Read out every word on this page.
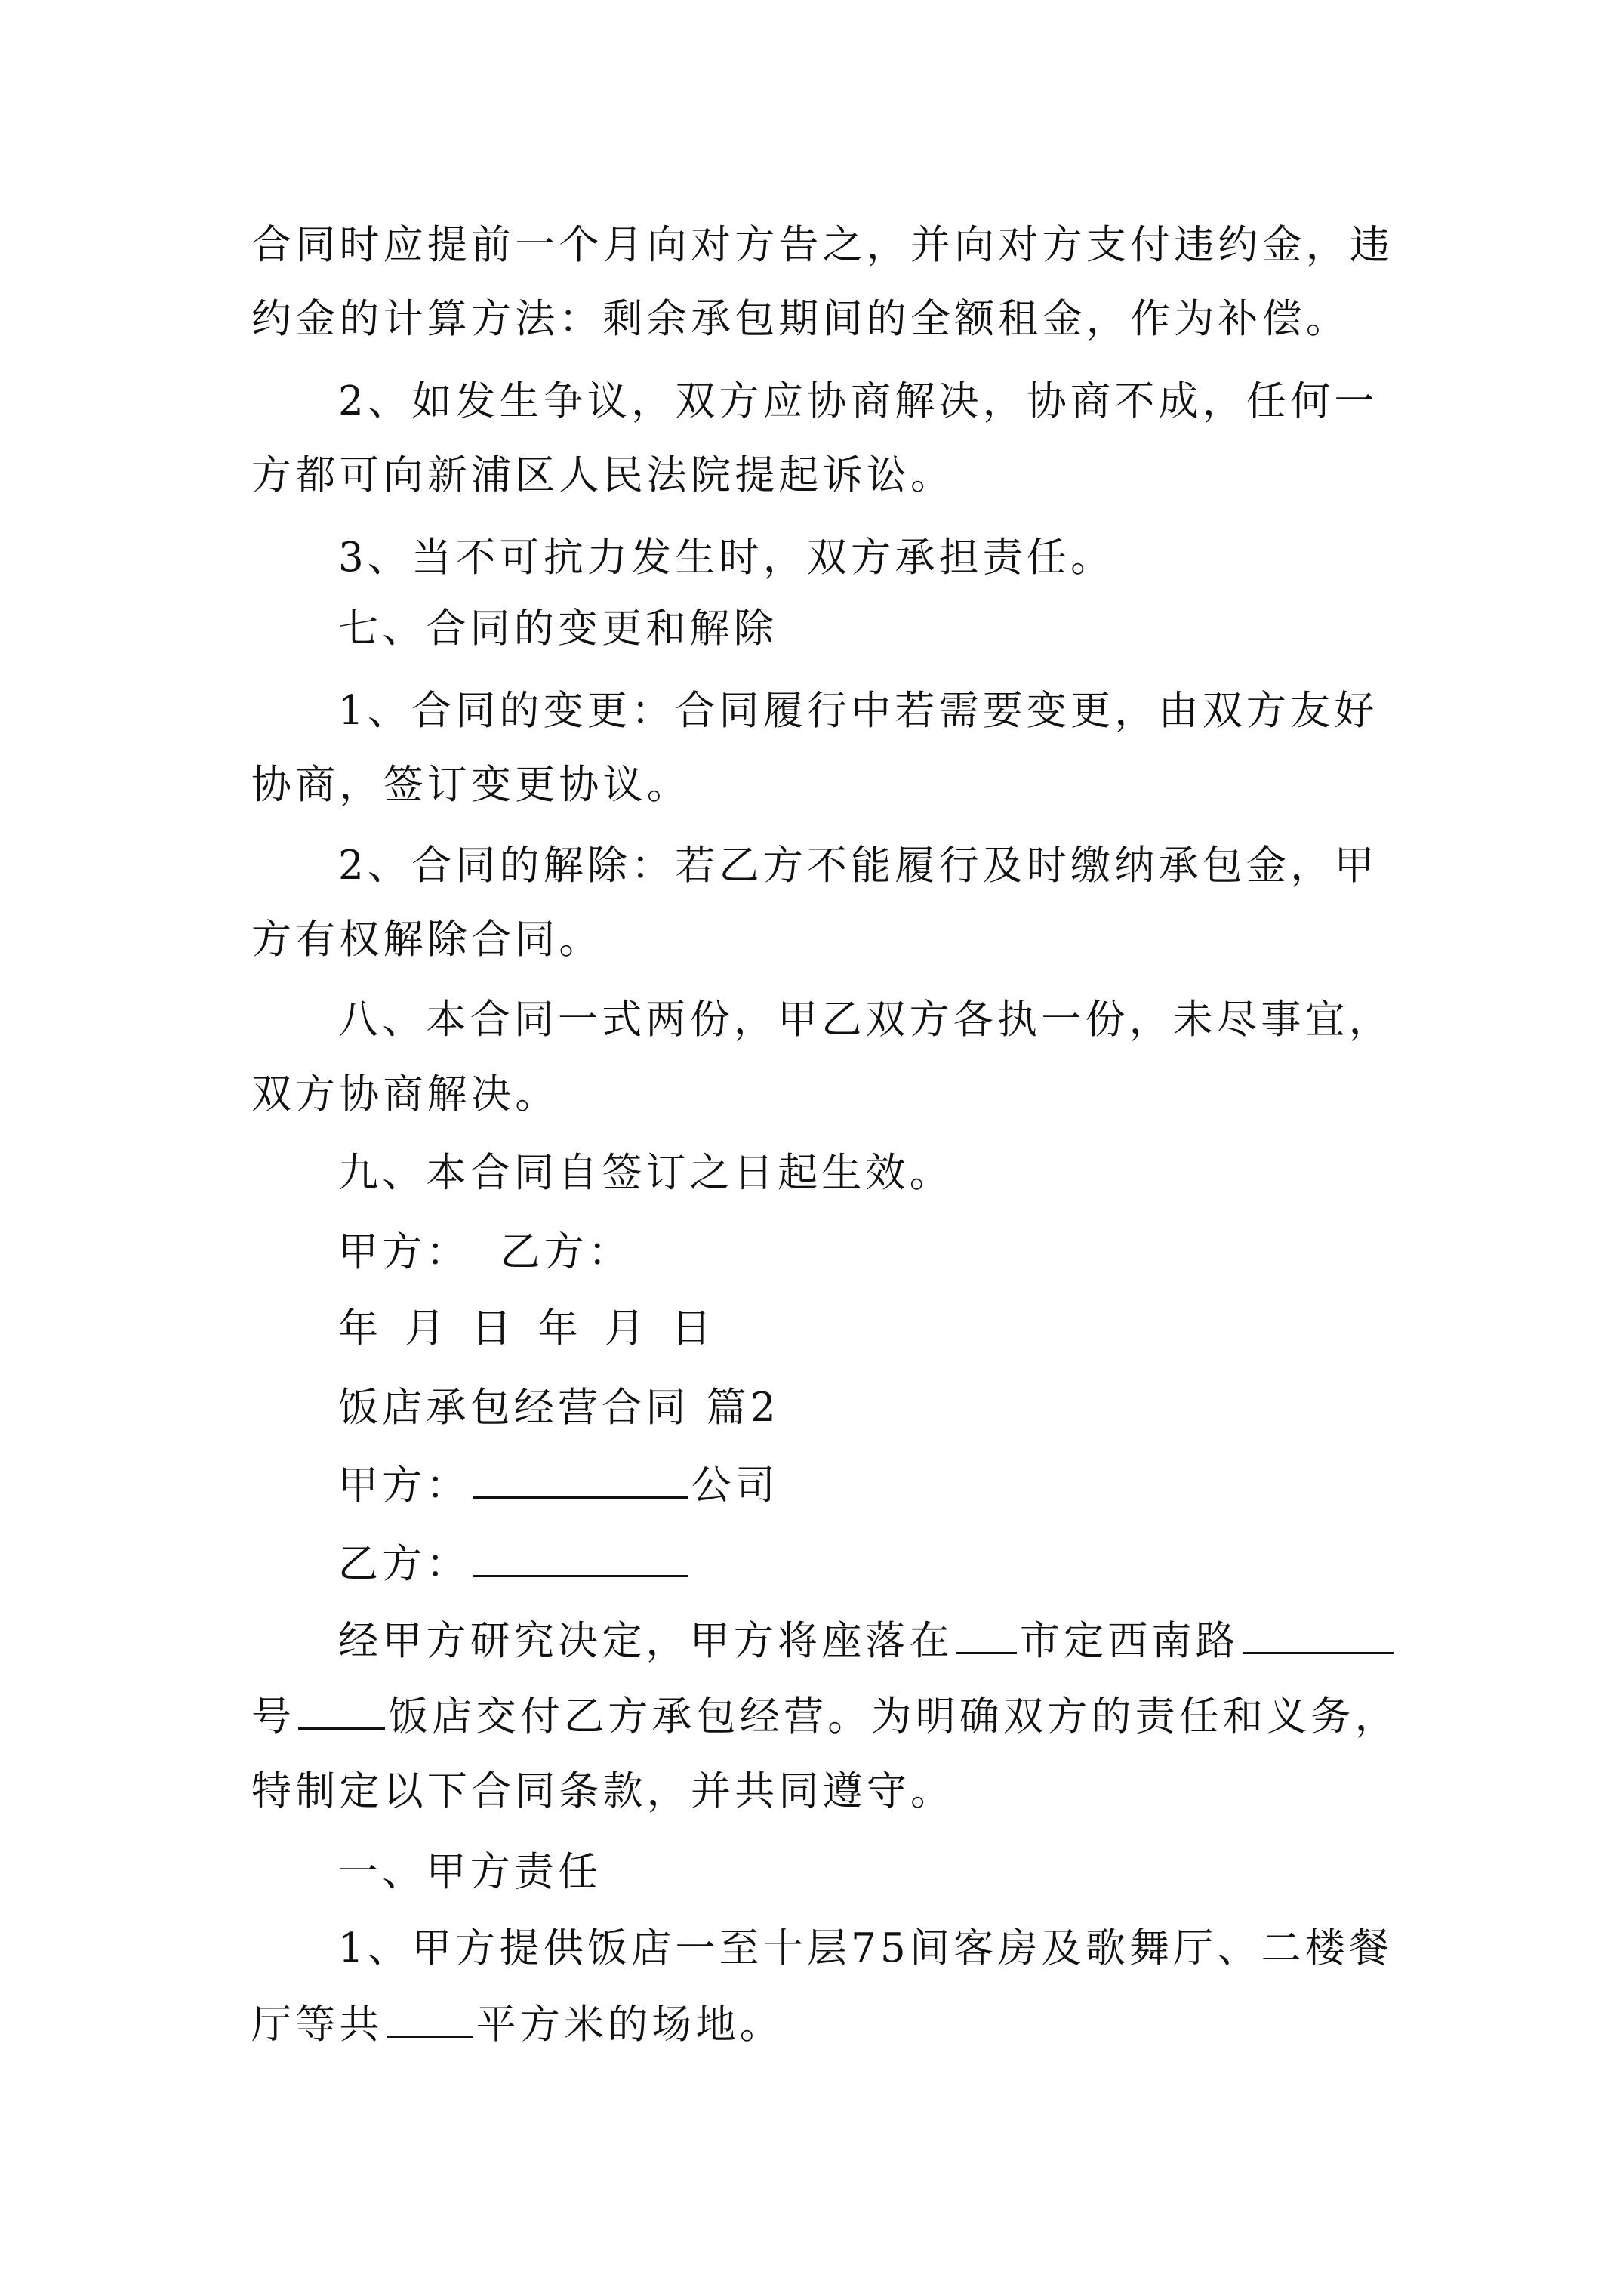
合同时应提前一个月向对方告之，并向对方支付违约金，违
约金的计算方法：剩余承包期间的全额租金，作为补偿。
2、如发生争议，双方应协商解决，协商不成，任何一
方都可向新浦区人民法院提起诉讼。
3、当不可抗力发生时，双方承担责任。
七、合同的变更和解除
1、合同的变更：合同履行中若需要变更，由双方友好
协商，签订变更协议。
2、合同的解除：若乙方不能履行及时缴纳承包金，甲
方有权解除合同。
八、本合同一式两份，甲乙双方各执一份，未尽事宜，
双方协商解决。
九、本合同自签订之日起生效。
甲方： 乙方：
年 月 日 年 月 日
饭店承包经营合同 篇2
甲方：	公司
乙方：
经甲方研究决定，甲方将座落在 市定西南路
号 饭店交付乙方承包经营。为明确双方的责任和义务，
特制定以下合同条款，并共同遵守。
一、甲方责任
1、甲方提供饭店一至十层75间客房及歌舞厅、二楼餐
厅等共 平方米的场地。
